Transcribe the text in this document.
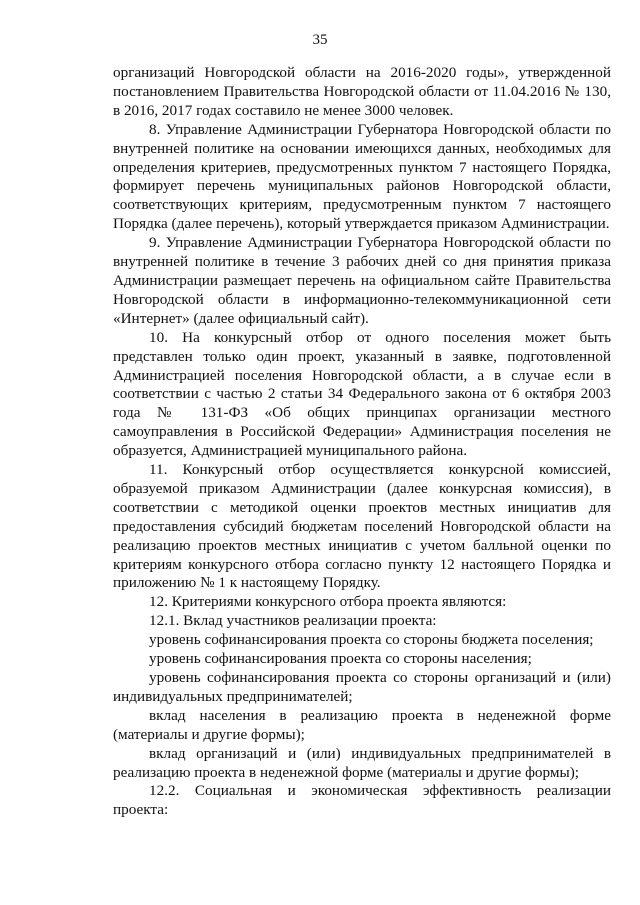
35

организаций Новгородской области на 2016-2020 годы», утвержденной постановлением Правительства Новгородской области от 11.04.2016 № 130, в 2016, 2017 годах составило не менее 3000 человек.

8. Управление Администрации Губернатора Новгородской области по внутренней политике на основании имеющихся данных, необходимых для определения критериев, предусмотренных пунктом 7 настоящего Порядка, формирует перечень муниципальных районов Новгородской области, соответствующих критериям, предусмотренным пунктом 7 настоящего Порядка (далее перечень), который утверждается приказом Администрации.

9. Управление Администрации Губернатора Новгородской области по внутренней политике в течение 3 рабочих дней со дня принятия приказа Администрации размещает перечень на официальном сайте Правительства Новгородской области в информационно-телекоммуникационной сети «Интернет» (далее официальный сайт).

10. На конкурсный отбор от одного поселения может быть представлен только один проект, указанный в заявке, подготовленной Администрацией поселения Новгородской области, а в случае если в соответствии с частью 2 статьи 34 Федерального закона от 6 октября 2003 года № 131-ФЗ «Об общих принципах организации местного самоуправления в Российской Федерации» Администрация поселения не образуется, Администрацией муниципального района.

11. Конкурсный отбор осуществляется конкурсной комиссией, образуемой приказом Администрации (далее конкурсная комиссия), в соответствии с методикой оценки проектов местных инициатив для предоставления субсидий бюджетам поселений Новгородской области на реализацию проектов местных инициатив с учетом балльной оценки по критериям конкурсного отбора согласно пункту 12 настоящего Порядка и приложению № 1 к настоящему Порядку.

12. Критериями конкурсного отбора проекта являются:

12.1. Вклад участников реализации проекта:

уровень софинансирования проекта со стороны бюджета поселения;

уровень софинансирования проекта со стороны населения;

уровень софинансирования проекта со стороны организаций и (или) индивидуальных предпринимателей;

вклад населения в реализацию проекта в неденежной форме (материалы и другие формы);

вклад организаций и (или) индивидуальных предпринимателей в реализацию проекта в неденежной форме (материалы и другие формы);

12.2. Социальная и экономическая эффективность реализации проекта:
